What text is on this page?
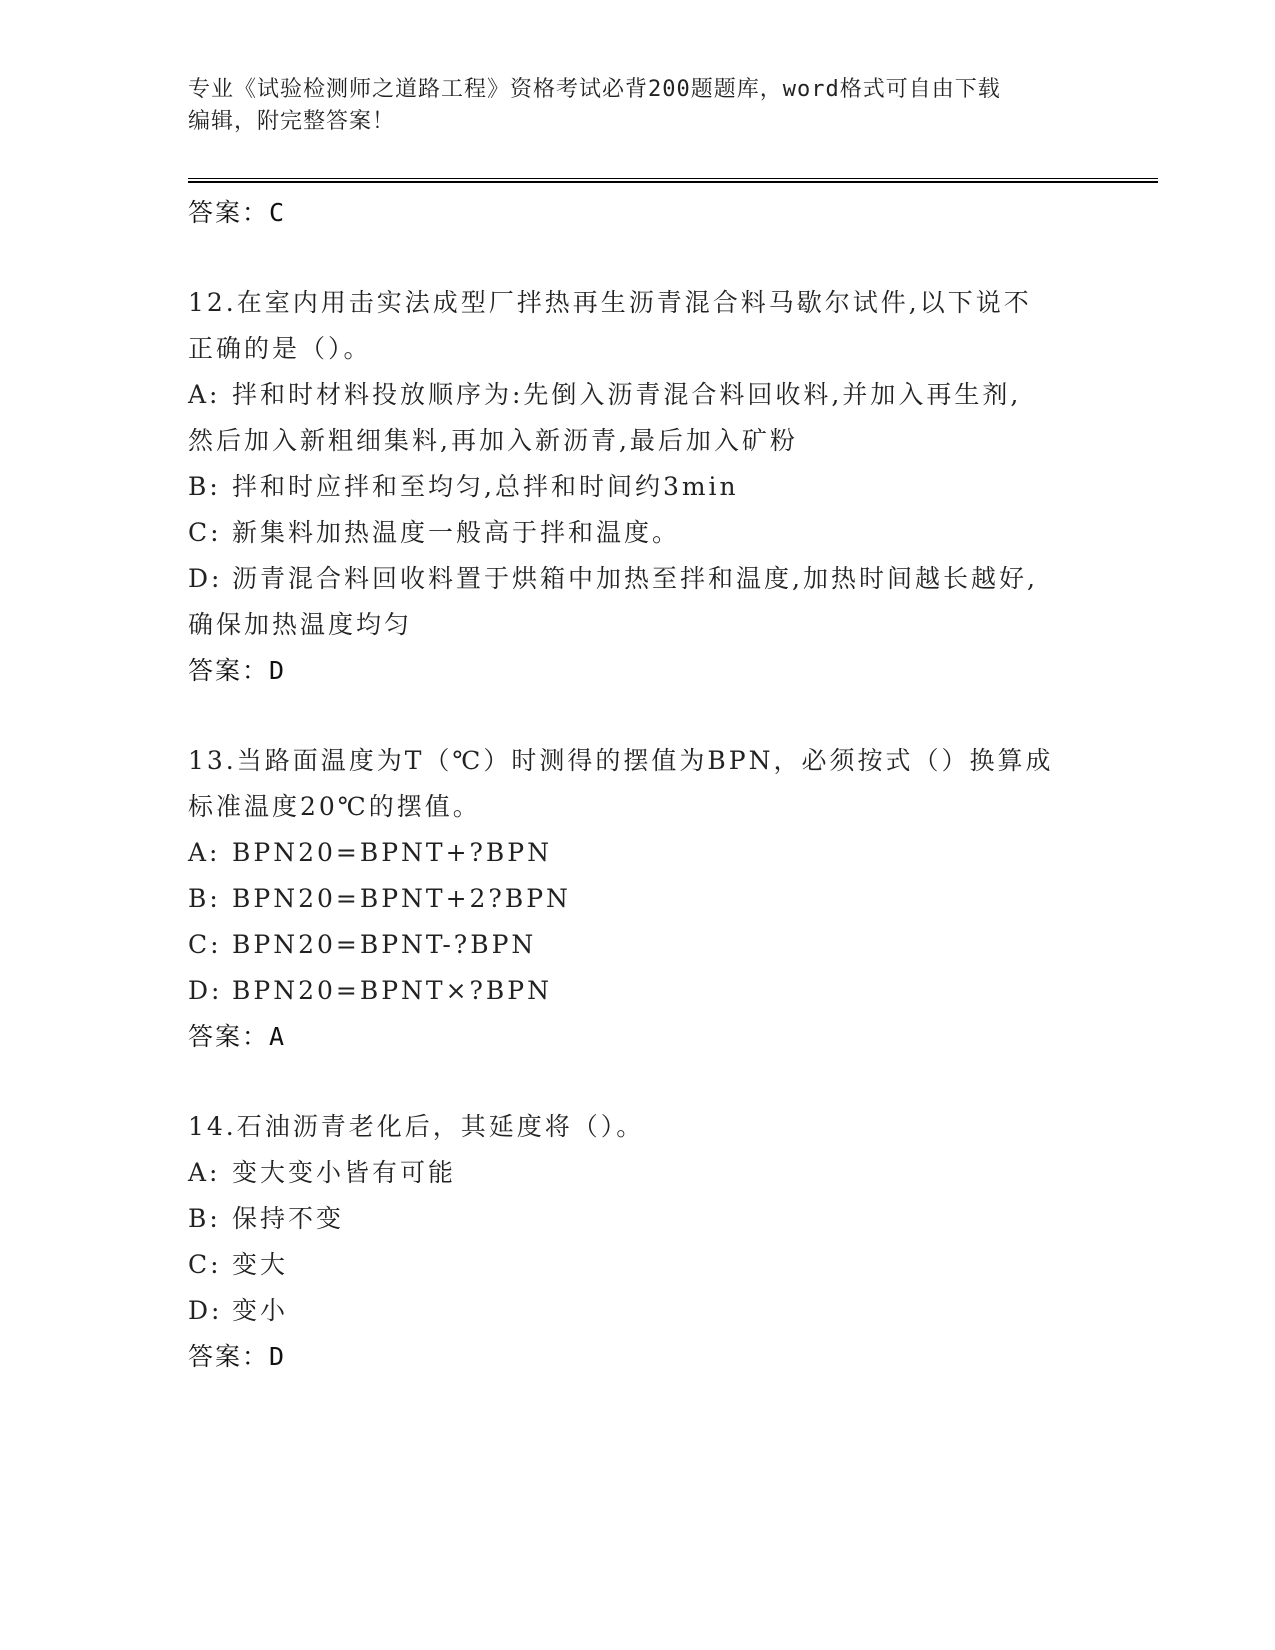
专业《试验检测师之道路工程》资格考试必背200题题库，word格式可自由下载
编辑，附完整答案！
答案：C
12.在室内用击实法成型厂拌热再生沥青混合料马歇尔试件,以下说不
正确的是（）。
A: 拌和时材料投放顺序为:先倒入沥青混合料回收料,并加入再生剂,
然后加入新粗细集料,再加入新沥青,最后加入矿粉
B: 拌和时应拌和至均匀,总拌和时间约3min
C: 新集料加热温度一般高于拌和温度。
D: 沥青混合料回收料置于烘箱中加热至拌和温度,加热时间越长越好,
确保加热温度均匀
答案：D
13.当路面温度为T（℃）时测得的摆值为BPN，必须按式（）换算成
标准温度20℃的摆值。
A: BPN20=BPNT+?BPN
B: BPN20=BPNT+2?BPN
C: BPN20=BPNT-?BPN
D: BPN20=BPNT×?BPN
答案：A
14.石油沥青老化后，其延度将（）。
A: 变大变小皆有可能
B: 保持不变
C: 变大
D: 变小
答案：D
